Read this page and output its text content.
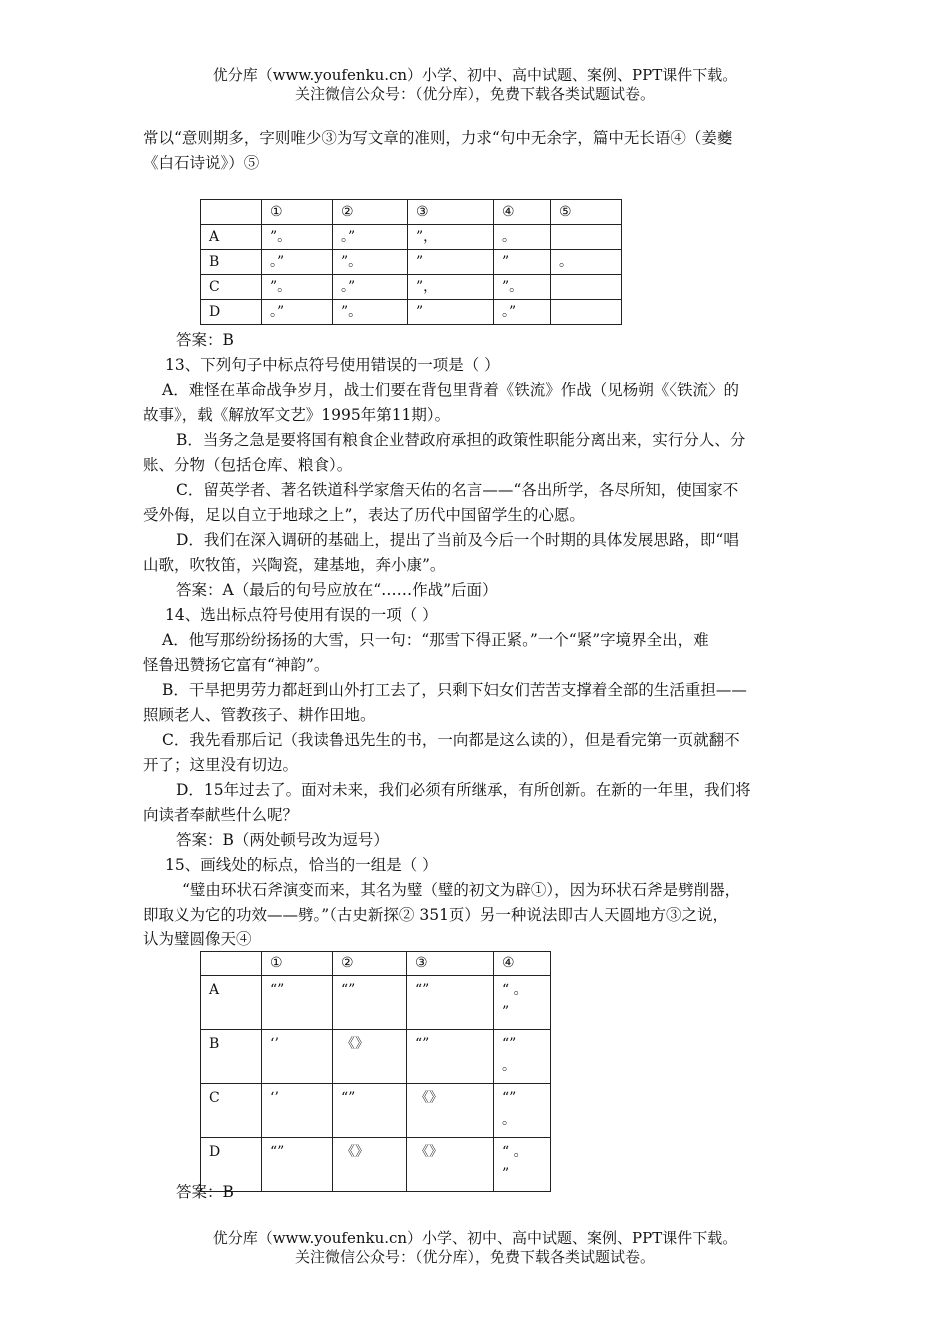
优分库（www.youfenku.cn）小学、初中、高中试题、案例、PPT课件下载。
关注微信公众号：（优分库），免费下载各类试题试卷。
常以“意则期多，字则唯少③为写文章的准则，力求“句中无余字，篇中无长语④（姜夔
《白石诗说》）⑤
	①	②	③	④	⑤
A	”。	。”	”，	。	
B	。”	”。	”	”	。
C	”。	。”	”，	”。	
D	。”	”。	”	。”	
答案：B
13、下列句子中标点符号使用错误的一项是（ ）
A．难怪在革命战争岁月，战士们要在背包里背着《铁流》作战（见杨朔《〈铁流〉的
故事》，载《解放军文艺》1995年第11期）。
B．当务之急是要将国有粮食企业替政府承担的政策性职能分离出来，实行分人、分
账、分物（包括仓库、粮食）。
C．留英学者、著名铁道科学家詹天佑的名言——“各出所学，各尽所知，使国家不
受外侮，足以自立于地球之上”，表达了历代中国留学生的心愿。
D．我们在深入调研的基础上，提出了当前及今后一个时期的具体发展思路，即“唱
山歌，吹牧笛，兴陶瓷，建基地，奔小康”。
答案：A（最后的句号应放在“……作战”后面）
14、选出标点符号使用有误的一项（ ）
A．他写那纷纷扬扬的大雪，只一句：“那雪下得正紧。”一个“紧”字境界全出，难
怪鲁迅赞扬它富有“神韵”。
B．干旱把男劳力都赶到山外打工去了，只剩下妇女们苦苦支撑着全部的生活重担——
照顾老人、管教孩子、耕作田地。
C．我先看那后记（我读鲁迅先生的书，一向都是这么读的），但是看完第一页就翻不
开了；这里没有切边。
D．15年过去了。面对未来，我们必须有所继承，有所创新。在新的一年里，我们将
向读者奉献些什么呢？
答案：B（两处顿号改为逗号）
15、画线处的标点，恰当的一组是（ ）
“璧由环状石斧演变而来，其名为璧（璧的初文为辟①），因为环状石斧是劈削器，
即取义为它的功效——劈。”（古史新探② 351页）另一种说法即古人天圆地方③之说，
认为璧圆像天④
	①	②	③	④
A	“”	“”	“”	“ 。
”

B	‘’	《》	“”	“”
。

C	‘’	“”	《》	“”
。

D	“”	《》	《》	“ 。
”
答案：B
优分库（www.youfenku.cn）小学、初中、高中试题、案例、PPT课件下载。
关注微信公众号：（优分库），免费下载各类试题试卷。
